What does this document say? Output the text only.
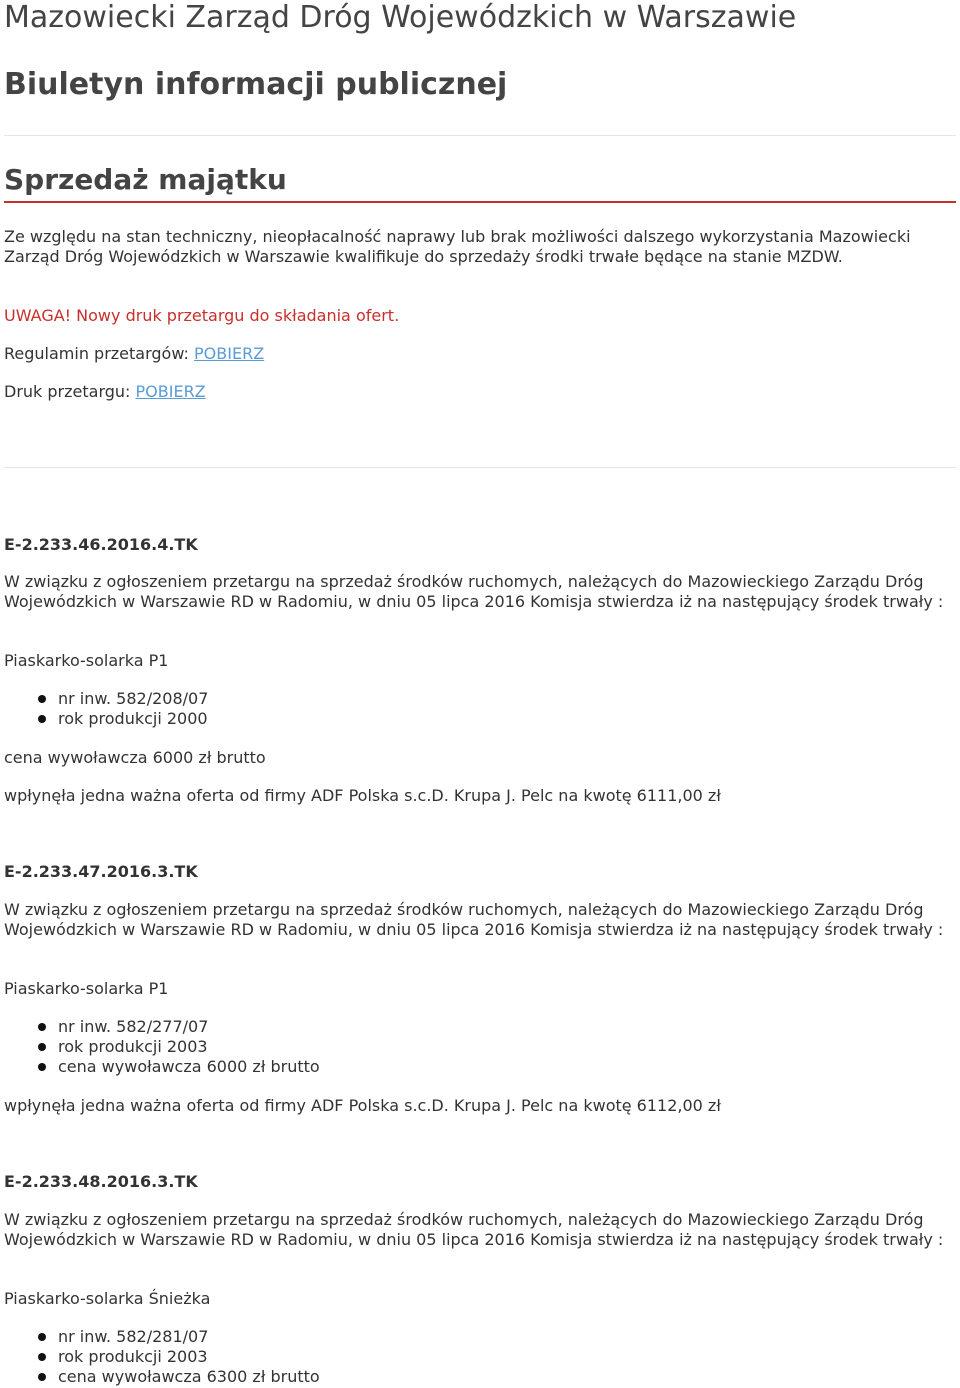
Mazowiecki Zarząd Dróg Wojewódzkich w Warszawie
Biuletyn informacji publicznej
Sprzedaż majątku

Ze względu na stan techniczny, nieopłacalność naprawy lub brak możliwości dalszego wykorzystania Mazowiecki Zarząd Dróg Wojewódzkich w Warszawie kwalifikuje do sprzedaży środki trwałe będące na stanie MZDW.

UWAGA! Nowy druk przetargu do składania ofert.

Regulamin przetargów: POBIERZ

Druk przetargu: POBIERZ

E-2.233.46.2016.4.TK

W związku z ogłoszeniem przetargu na sprzedaż środków ruchomych, należących do Mazowieckiego Zarządu Dróg Wojewódzkich w Warszawie RD w Radomiu, w dniu 05 lipca 2016 Komisja stwierdza iż na następujący środek trwały :

Piaskarko-solarka P1

nr inw. 582/208/07
rok produkcji 2000

cena wywoławcza 6000 zł brutto

wpłynęła jedna ważna oferta od firmy ADF Polska s.c.D. Krupa J. Pelc na kwotę 6111,00 zł

E-2.233.47.2016.3.TK

W związku z ogłoszeniem przetargu na sprzedaż środków ruchomych, należących do Mazowieckiego Zarządu Dróg Wojewódzkich w Warszawie RD w Radomiu, w dniu 05 lipca 2016 Komisja stwierdza iż na następujący środek trwały :

Piaskarko-solarka P1

nr inw. 582/277/07
rok produkcji 2003
cena wywoławcza 6000 zł brutto

wpłynęła jedna ważna oferta od firmy ADF Polska s.c.D. Krupa J. Pelc na kwotę 6112,00 zł

E-2.233.48.2016.3.TK

W związku z ogłoszeniem przetargu na sprzedaż środków ruchomych, należących do Mazowieckiego Zarządu Dróg Wojewódzkich w Warszawie RD w Radomiu, w dniu 05 lipca 2016 Komisja stwierdza iż na następujący środek trwały :

Piaskarko-solarka Śnieżka

nr inw. 582/281/07
rok produkcji 2003
cena wywoławcza 6300 zł brutto
